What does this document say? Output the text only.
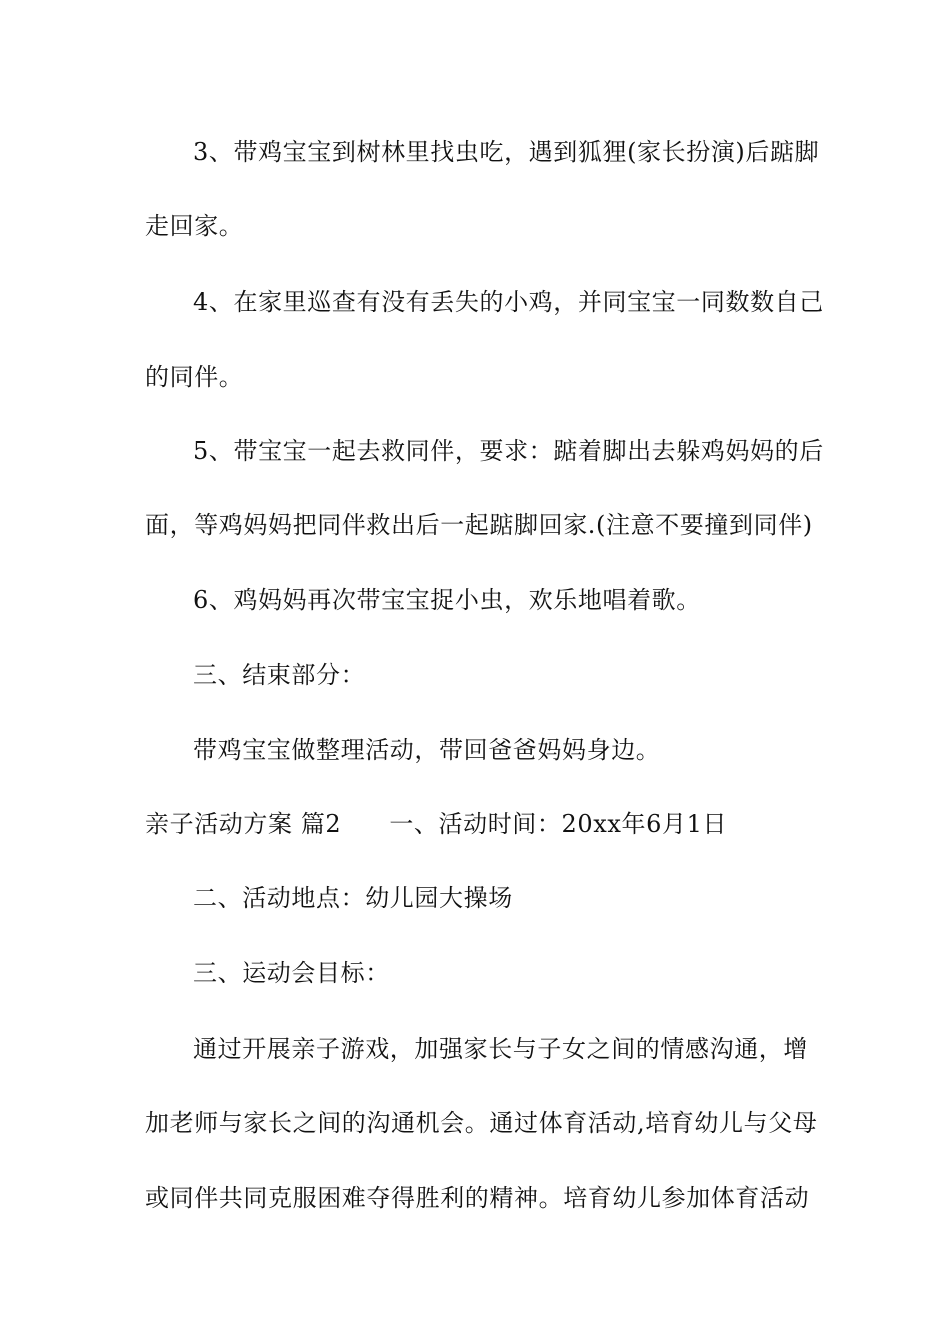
3、带鸡宝宝到树林里找虫吃，遇到狐狸(家长扮演)后踮脚
走回家。
4、在家里巡查有没有丢失的小鸡，并同宝宝一同数数自己
的同伴。
5、带宝宝一起去救同伴，要求：踮着脚出去躲鸡妈妈的后
面，等鸡妈妈把同伴救出后一起踮脚回家.(注意不要撞到同伴)
6、鸡妈妈再次带宝宝捉小虫，欢乐地唱着歌。
三、结束部分：
带鸡宝宝做整理活动，带回爸爸妈妈身边。
亲子活动方案 篇2 一、活动时间：20xx年6月1日
二、活动地点：幼儿园大操场
三、运动会目标：
通过开展亲子游戏，加强家长与子女之间的情感沟通，增
加老师与家长之间的沟通机会。通过体育活动,培育幼儿与父母
或同伴共同克服困难夺得胜利的精神。培育幼儿参加体育活动
